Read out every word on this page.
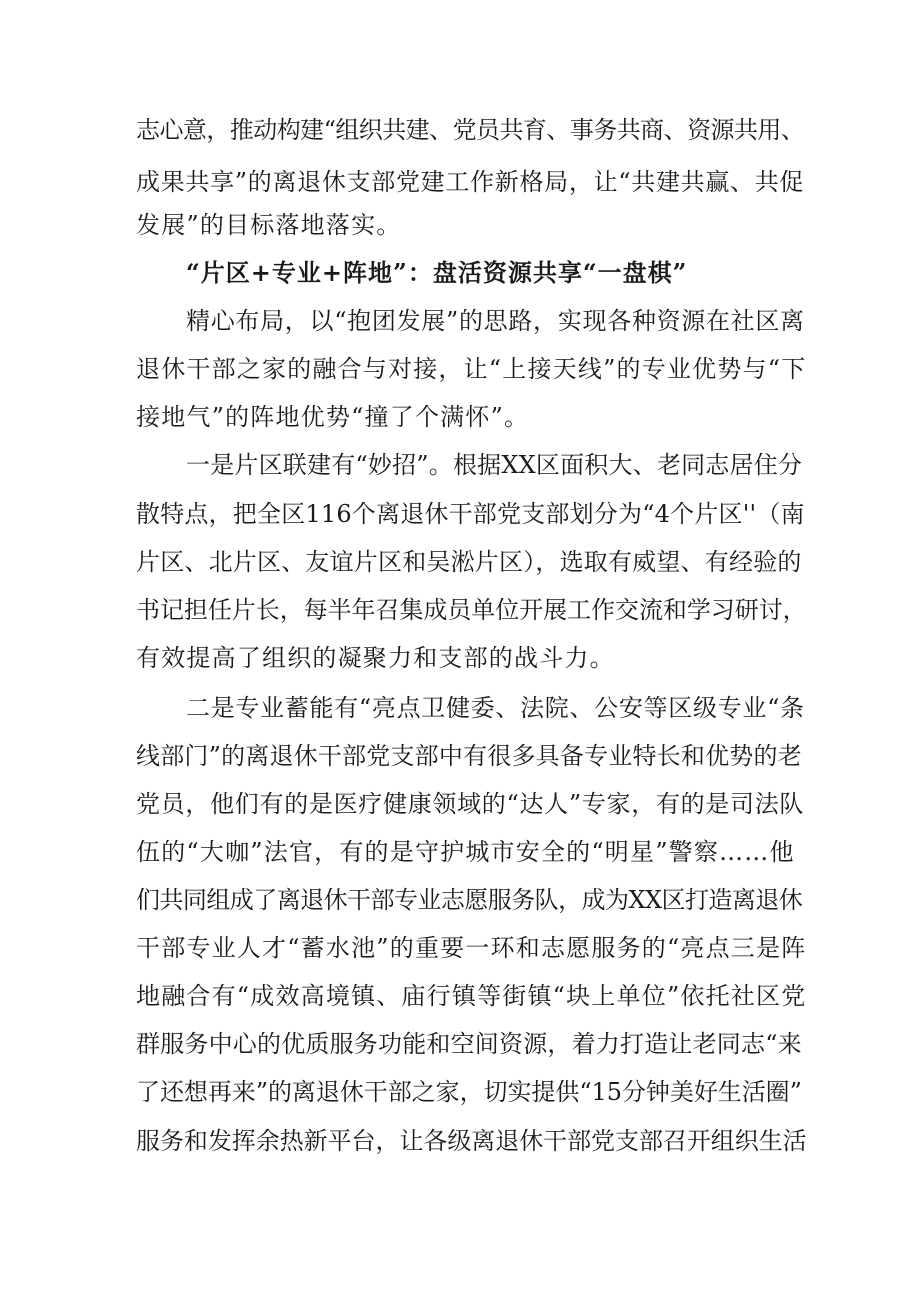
志心意，推动构建“组织共建、党员共育、事务共商、资源共用、
成果共享”的离退休支部党建工作新格局，让“共建共赢、共促
发展”的目标落地落实。
“片区+专业+阵地”：盘活资源共享“一盘棋”
精心布局，以“抱团发展”的思路，实现各种资源在社区离
退休干部之家的融合与对接，让“上接天线”的专业优势与“下
接地气”的阵地优势“撞了个满怀”。
一是片区联建有“妙招”。根据XX区面积大、老同志居住分
散特点，把全区116个离退休干部党支部划分为“4个片区''（南
片区、北片区、友谊片区和吴淞片区），选取有威望、有经验的
书记担任片长，每半年召集成员单位开展工作交流和学习研讨，
有效提高了组织的凝聚力和支部的战斗力。
二是专业蓄能有“亮点卫健委、法院、公安等区级专业“条
线部门”的离退休干部党支部中有很多具备专业特长和优势的老
党员，他们有的是医疗健康领域的“达人”专家，有的是司法队
伍的“大咖”法官，有的是守护城市安全的“明星”警察……他
们共同组成了离退休干部专业志愿服务队，成为XX区打造离退休
干部专业人才“蓄水池”的重要一环和志愿服务的“亮点三是阵
地融合有“成效高境镇、庙行镇等街镇“块上单位”依托社区党
群服务中心的优质服务功能和空间资源，着力打造让老同志“来
了还想再来”的离退休干部之家，切实提供“15分钟美好生活圈”
服务和发挥余热新平台，让各级离退休干部党支部召开组织生活
